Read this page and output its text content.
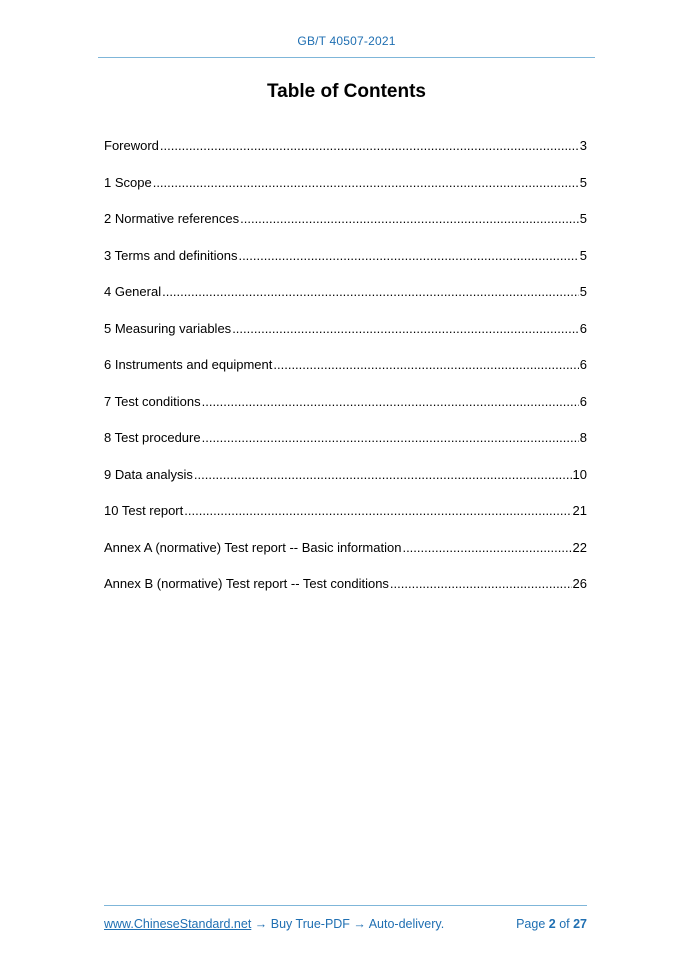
GB/T 40507-2021
Table of Contents
Foreword .....	3
1 Scope .....	5
2 Normative references .....	5
3 Terms and definitions .....	5
4 General .....	5
5 Measuring variables .....	6
6 Instruments and equipment .....	6
7 Test conditions .....	6
8 Test procedure .....	8
9 Data analysis .....	10
10 Test report .....	21
Annex A (normative) Test report -- Basic information .....	22
Annex B (normative) Test report -- Test conditions .....	26
www.ChineseStandard.net → Buy True-PDF → Auto-delivery.	Page 2 of 27
